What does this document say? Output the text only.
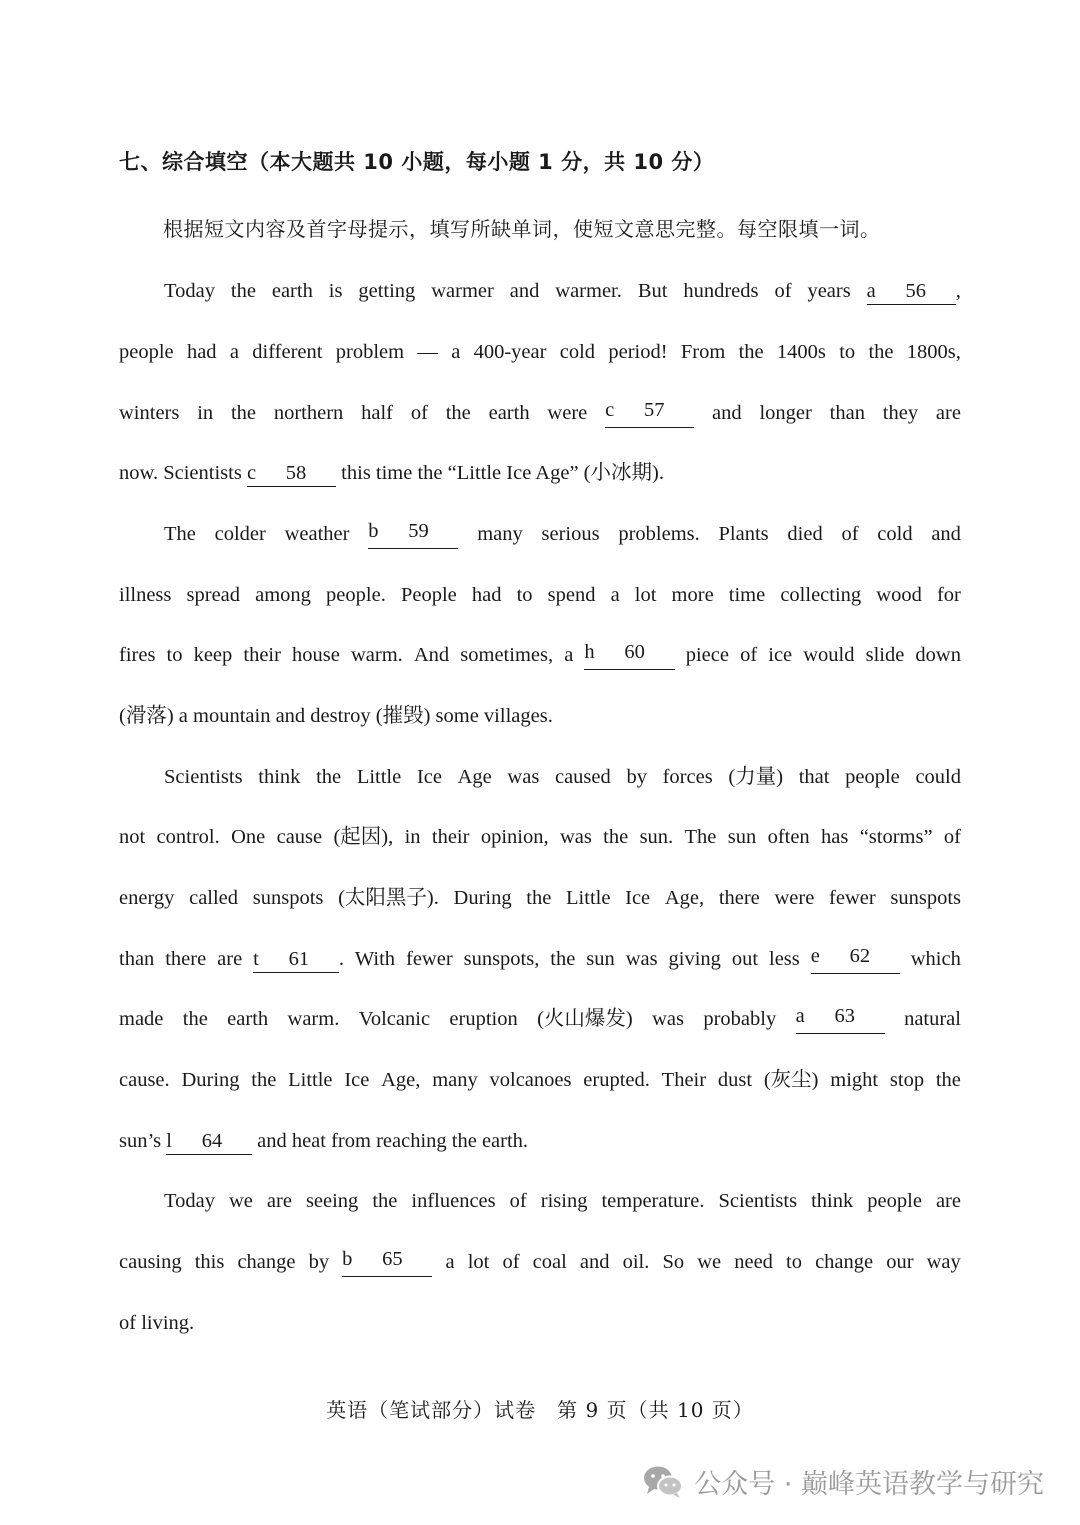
七、综合填空（本大题共 10 小题，每小题 1 分，共 10 分）
根据短文内容及首字母提示，填写所缺单词，使短文意思完整。每空限填一词。
Today the earth is getting warmer and warmer. But hundreds of years a 56 ,
people had a different problem — a 400-year cold period! From the 1400s to the 1800s,
winters in the northern half of the earth were c 57	and longer than they are
now. Scientists c 58 this time the “Little Ice Age” (小冰期).
The colder weather b 59	many serious problems. Plants died of cold and
illness spread among people. People had to spend a lot more time collecting wood for
fires to keep their house warm. And sometimes, a h 60	piece of ice would slide down
(滑落) a mountain and destroy (摧毁) some villages.
Scientists think the Little Ice Age was caused by forces (力量) that people could
not control. One cause (起因), in their opinion, was the sun. The sun often has “storms” of
energy called sunspots (太阳黑子). During the Little Ice Age, there were fewer sunspots
than there are t 61 . With fewer sunspots, the sun was giving out less e 62	which
made the earth warm. Volcanic eruption (火山爆发) was probably a 63	natural
cause. During the Little Ice Age, many volcanoes erupted. Their dust (灰尘) might stop the
sun’s l 64 and heat from reaching the earth.
Today we are seeing the influences of rising temperature. Scientists think people are
causing this change by b 65	a lot of coal and oil. So we need to change our way
of living.
英语（笔试部分）试卷　第 9 页（共 10 页）
公众号 · 巅峰英语教学与研究
